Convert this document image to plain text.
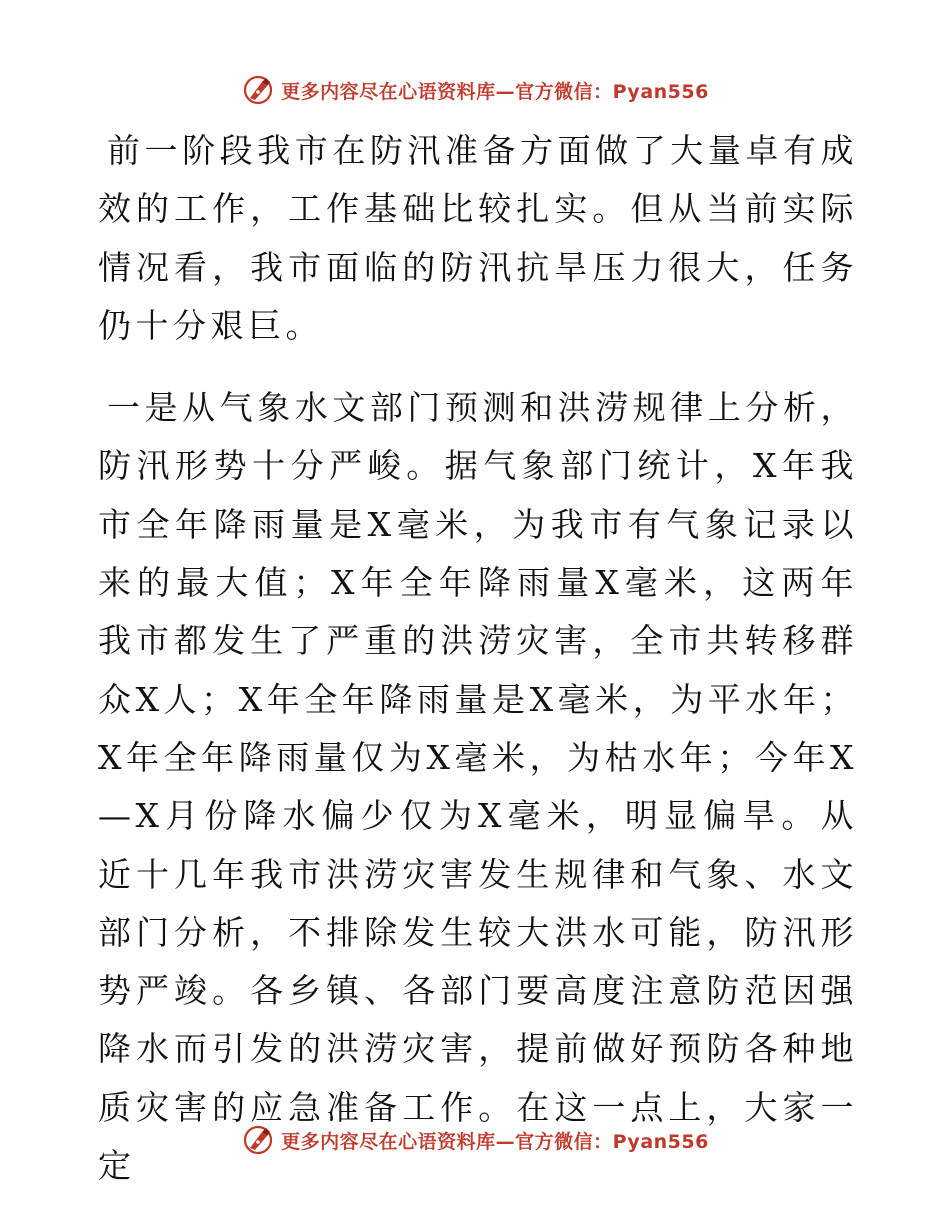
更多内容尽在心语资料库—官方微信：Pyan556

前一阶段我市在防汛准备方面做了大量卓有成效的工作，工作基础比较扎实。但从当前实际情况看，我市面临的防汛抗旱压力很大，任务仍十分艰巨。

一是从气象水文部门预测和洪涝规律上分析，防汛形势十分严峻。据气象部门统计，X年我市全年降雨量是X毫米，为我市有气象记录以来的最大值；X年全年降雨量X毫米，这两年我市都发生了严重的洪涝灾害，全市共转移群众X人；X年全年降雨量是X毫米，为平水年；X年全年降雨量仅为X毫米，为枯水年；今年X—X月份降水偏少仅为X毫米，明显偏旱。从近十几年我市洪涝灾害发生规律和气象、水文部门分析，不排除发生较大洪水可能，防汛形势严竣。各乡镇、各部门要高度注意防范因强降水而引发的洪涝灾害，提前做好预防各种地质灾害的应急准备工作。在这一点上，大家一定

更多内容尽在心语资料库—官方微信：Pyan556
